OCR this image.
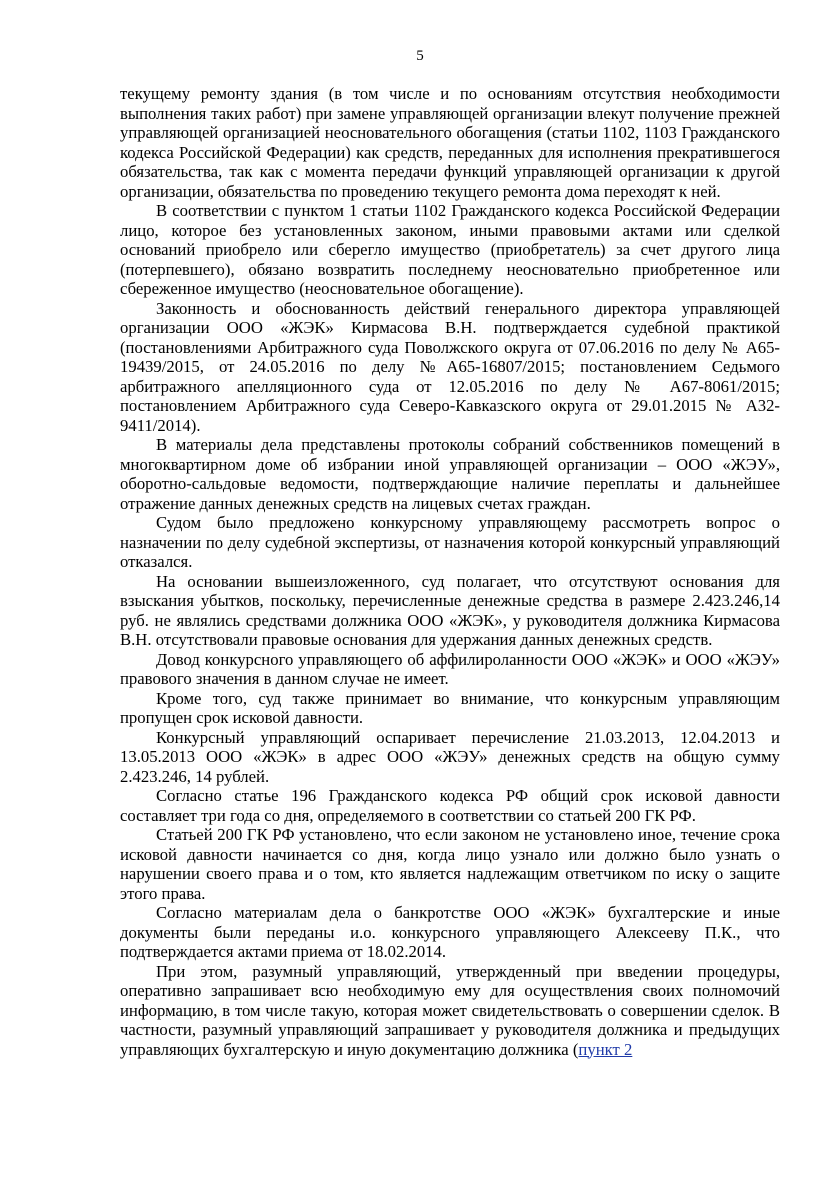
5

текущему ремонту здания (в том числе и по основаниям отсутствия необходимости выполнения таких работ) при замене управляющей организации влекут получение прежней управляющей организацией неосновательного обогащения (статьи 1102, 1103 Гражданского кодекса Российской Федерации) как средств, переданных для исполнения прекратившегося обязательства, так как с момента передачи функций управляющей организации к другой организации, обязательства по проведению текущего ремонта дома переходят к ней.

В соответствии с пунктом 1 статьи 1102 Гражданского кодекса Российской Федерации лицо, которое без установленных законом, иными правовыми актами или сделкой оснований приобрело или сберегло имущество (приобретатель) за счет другого лица (потерпевшего), обязано возвратить последнему неосновательно приобретенное или сбереженное имущество (неосновательное обогащение).

Законность и обоснованность действий генерального директора управляющей организации ООО «ЖЭК» Кирмасова В.Н. подтверждается судебной практикой (постановлениями Арбитражного суда Поволжского округа от 07.06.2016 по делу № А65-19439/2015, от 24.05.2016 по делу №А65-16807/2015; постановлением Седьмого арбитражного апелляционного суда от 12.05.2016 по делу № А67-8061/2015; постановлением Арбитражного суда Северо-Кавказского округа от 29.01.2015 № А32-9411/2014).

В материалы дела представлены протоколы собраний собственников помещений в многоквартирном доме об избрании иной управляющей организации – ООО «ЖЭУ», оборотно-сальдовые ведомости, подтверждающие наличие переплаты и дальнейшее отражение данных денежных средств на лицевых счетах граждан.

Судом было предложено конкурсному управляющему рассмотреть вопрос о назначении по делу судебной экспертизы, от назначения которой конкурсный управляющий отказался.

На основании вышеизложенного, суд полагает, что отсутствуют основания для взыскания убытков, поскольку, перечисленные денежные средства в размере 2.423.246,14 руб. не являлись средствами должника ООО «ЖЭК», у руководителя должника Кирмасова В.Н. отсутствовали правовые основания для удержания данных денежных средств.

Довод конкурсного управляющего об аффилироланности ООО «ЖЭК» и ООО «ЖЭУ» правового значения в данном случае не имеет.

Кроме того, суд также принимает во внимание, что конкурсным управляющим пропущен срок исковой давности.

Конкурсный управляющий оспаривает перечисление 21.03.2013, 12.04.2013 и 13.05.2013 ООО «ЖЭК» в адрес ООО «ЖЭУ» денежных средств на общую сумму 2.423.246, 14 рублей.

Согласно статье 196 Гражданского кодекса РФ общий срок исковой давности составляет три года со дня, определяемого в соответствии со статьей 200 ГК РФ.

Статьей 200 ГК РФ установлено, что если законом не установлено иное, течение срока исковой давности начинается со дня, когда лицо узнало или должно было узнать о нарушении своего права и о том, кто является надлежащим ответчиком по иску о защите этого права.

Согласно материалам дела о банкротстве ООО «ЖЭК» бухгалтерские и иные документы были переданы и.о. конкурсного управляющего Алексееву П.К., что подтверждается актами приема от 18.02.2014.

При этом, разумный управляющий, утвержденный при введении процедуры, оперативно запрашивает всю необходимую ему для осуществления своих полномочий информацию, в том числе такую, которая может свидетельствовать о совершении сделок. В частности, разумный управляющий запрашивает у руководителя должника и предыдущих управляющих бухгалтерскую и иную документацию должника (пункт 2
